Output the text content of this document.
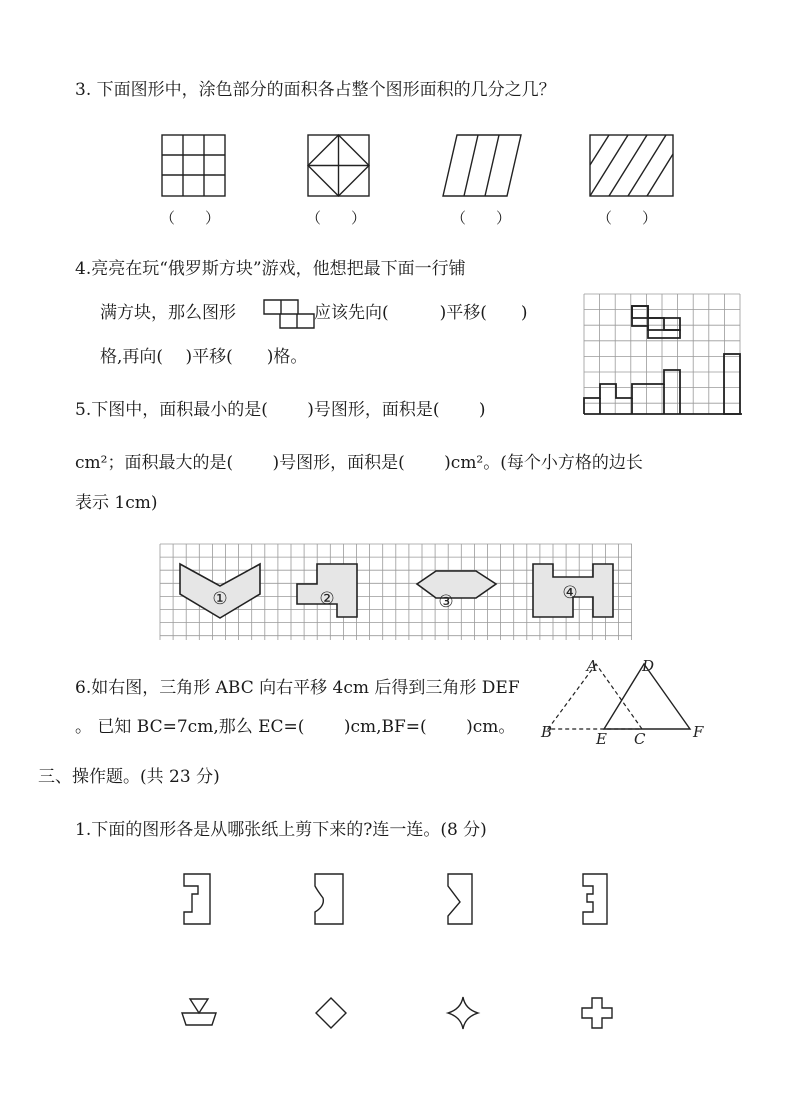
3. 下面图形中，涂色部分的面积各占整个图形面积的几分之几？
（　　）	（　　）	（　　）	（　　）
4.亮亮在玩“俄罗斯方块”游戏，他想把最下面一行铺
满方块，那么图形	应该先向(　　　)平移(　　)
格,再向(　 )平移(　　)格。
5.下图中，面积最小的是(　　 )号图形，面积是(　　 )
cm²；面积最大的是(　　 )号图形，面积是(　　 )cm²。(每个小方格的边长
表示 1cm)
①	②	③	④
6.如右图，三角形 ABC 向右平移 4cm 后得到三角形 DEF
。 已知 BC=7cm,那么 EC=(　　 )cm,BF=(　　 )cm。
A	D
B	E C	F
三、操作题。(共 23 分)
1.下面的图形各是从哪张纸上剪下来的?连一连。(8 分)
